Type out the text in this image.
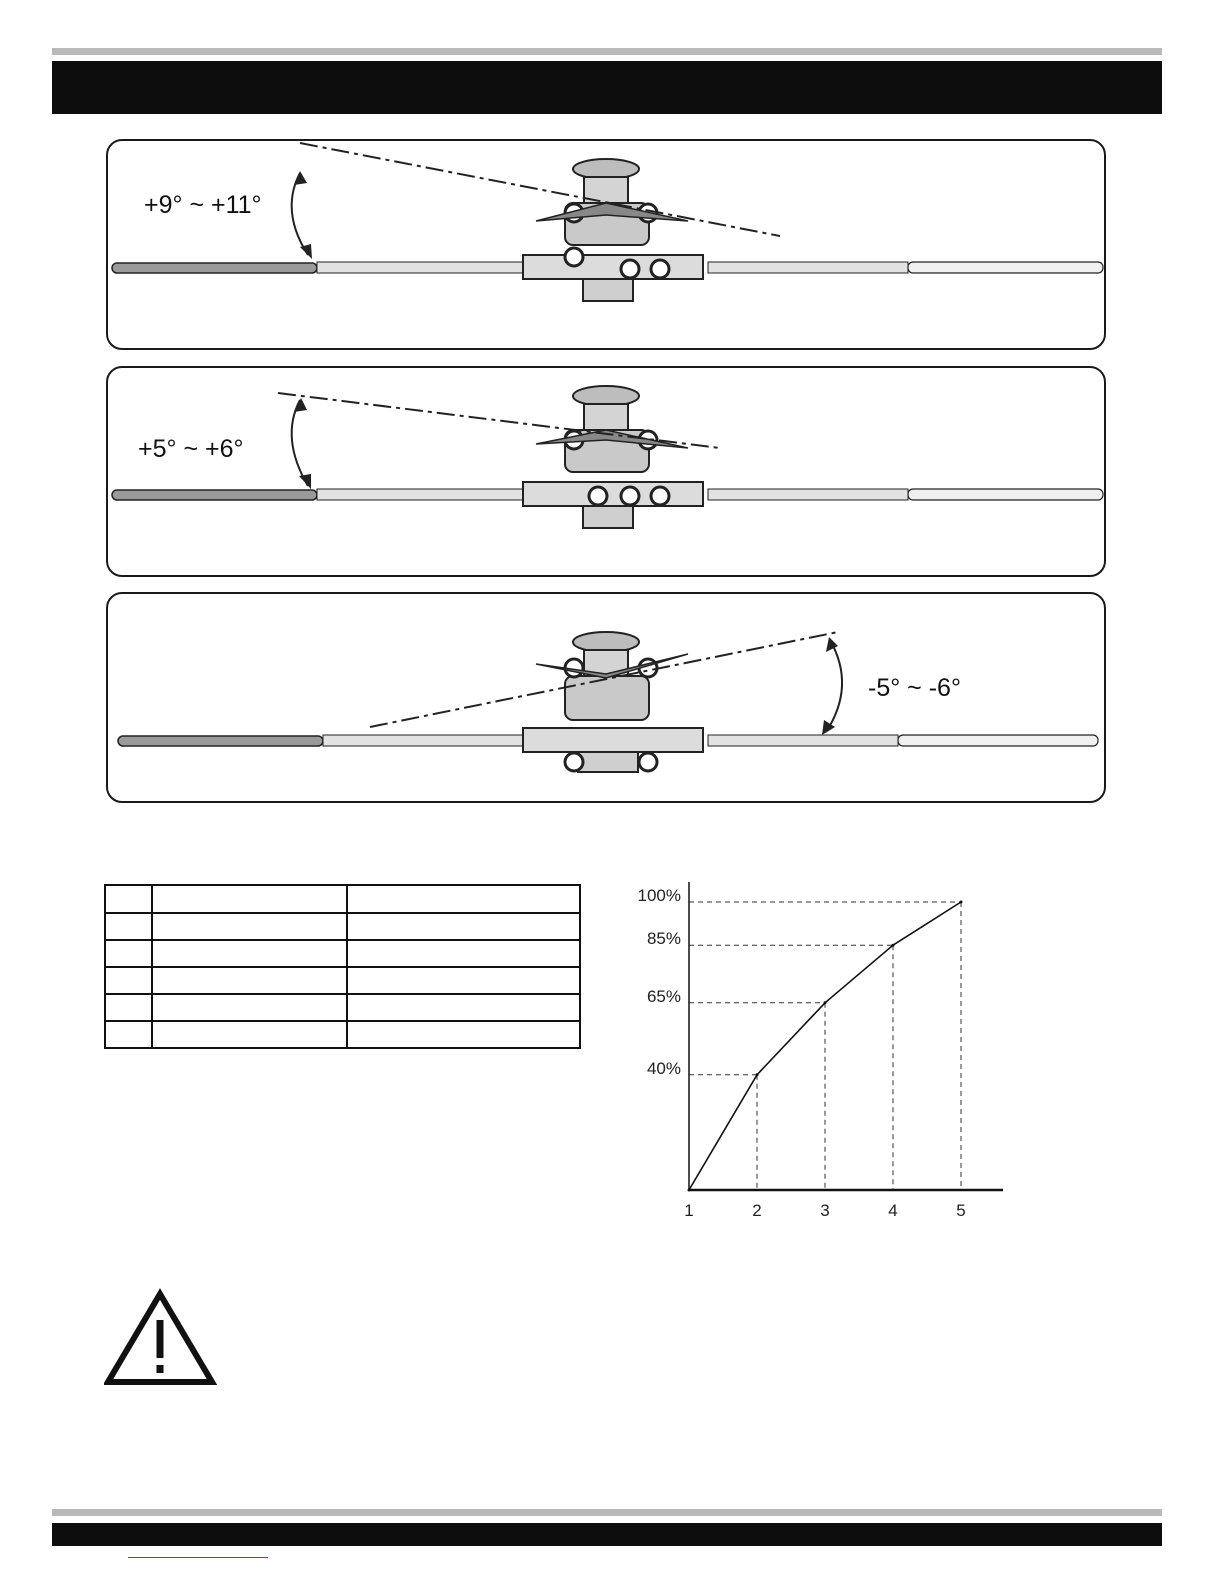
+9° ~ +11°
+5° ~ +6°
-5° ~ -6°

1	2	3	4	5
40%
65%
85%
100%
